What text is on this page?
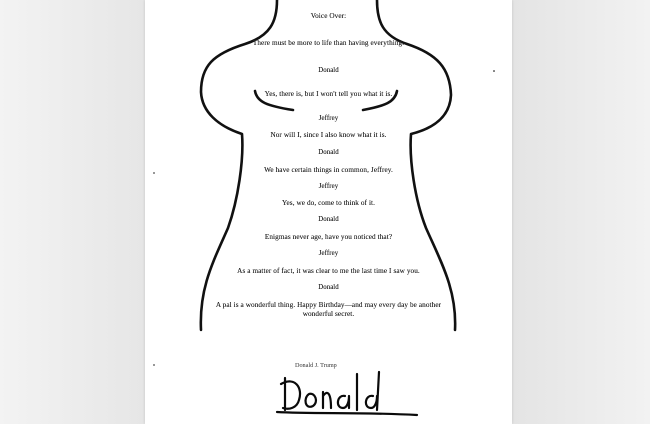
Voice Over:
There must be more to life than having everything.
Donald
Yes, there is, but I won't tell you what it is.
Jeffrey
Nor will I, since I also know what it is.
Donald
We have certain things in common, Jeffrey.
Jeffrey
Yes, we do, come to think of it.
Donald
Enigmas never age, have you noticed that?
Jeffrey
As a matter of fact, it was clear to me the last time I saw you.
Donald
A pal is a wonderful thing. Happy Birthday—and may every day be another
wonderful secret.
Donald J. Trump
